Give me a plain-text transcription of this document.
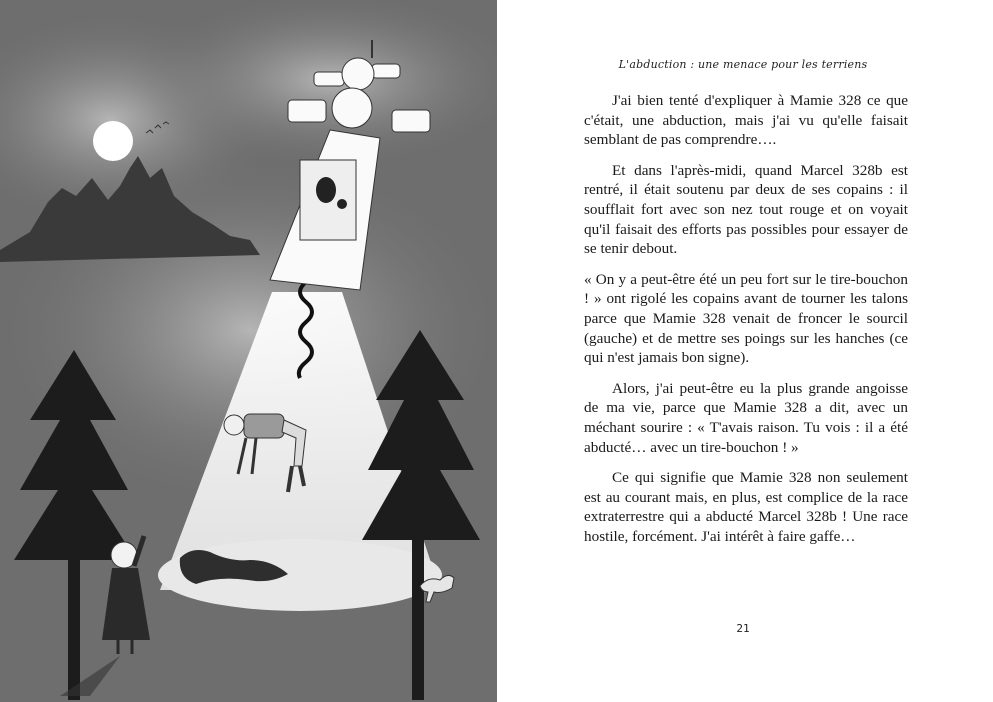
L'abduction : une menace pour les terriens

J'ai bien tenté d'expliquer à Mamie 328 ce que c'était, une abduction, mais j'ai vu qu'elle faisait semblant de pas comprendre….

Et dans l'après-midi, quand Marcel 328b est rentré, il était soutenu par deux de ses copains : il soufflait fort avec son nez tout rouge et on voyait qu'il faisait des efforts pas possibles pour essayer de se tenir debout.

« On y a peut-être été un peu fort sur le tire-bouchon ! » ont rigolé les copains avant de tourner les talons parce que Mamie 328 venait de froncer le sourcil (gauche) et de mettre ses poings sur les hanches (ce qui n'est jamais bon signe).

Alors, j'ai peut-être eu la plus grande angoisse de ma vie, parce que Mamie 328 a dit, avec un méchant sourire : « T'avais raison. Tu vois : il a été abducté… avec un tire-bouchon ! »

Ce qui signifie que Mamie 328 non seulement est au courant mais, en plus, est complice de la race extraterrestre qui a abducté Marcel 328b ! Une race hostile, forcément. J'ai intérêt à faire gaffe…

21
